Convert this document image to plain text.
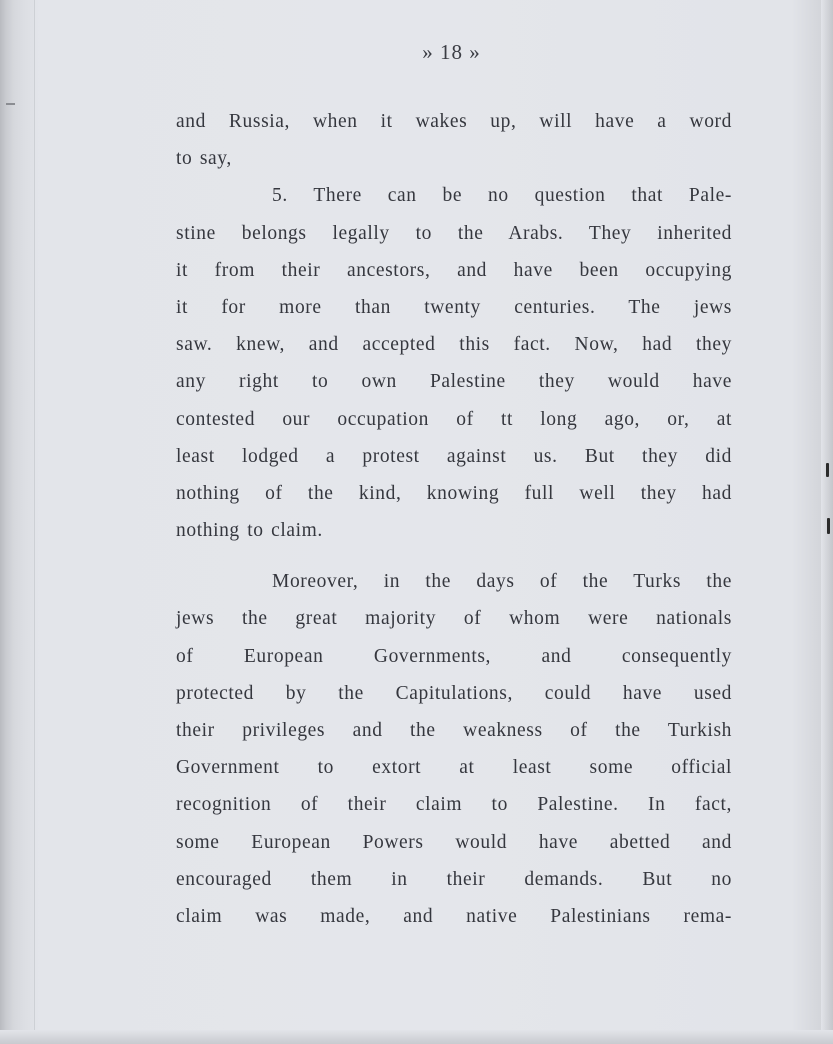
» 18 »
and Russia, when it wakes up, will have a word
to say,
5. There can be no question that Pale-
stine belongs legally to the Arabs. They inherited
it from their ancestors, and have been occupying
it for more than twenty centuries. The jews
saw. knew, and accepted this fact. Now, had they
any right to own Palestine they would have
contested our occupation of tt long ago, or, at
least lodged a protest against us. But they did
nothing of the kind, knowing full well they had
nothing to claim.
Moreover, in the days of the Turks the
jews the great majority of whom were nationals
of European Governments, and consequently
protected by the Capitulations, could have used
their privileges and the weakness of the Turkish
Government to extort at least some official
recognition of their claim to Palestine. In fact,
some European Powers would have abetted and
encouraged them in their demands. But no
claim was made, and native Palestinians rema-
